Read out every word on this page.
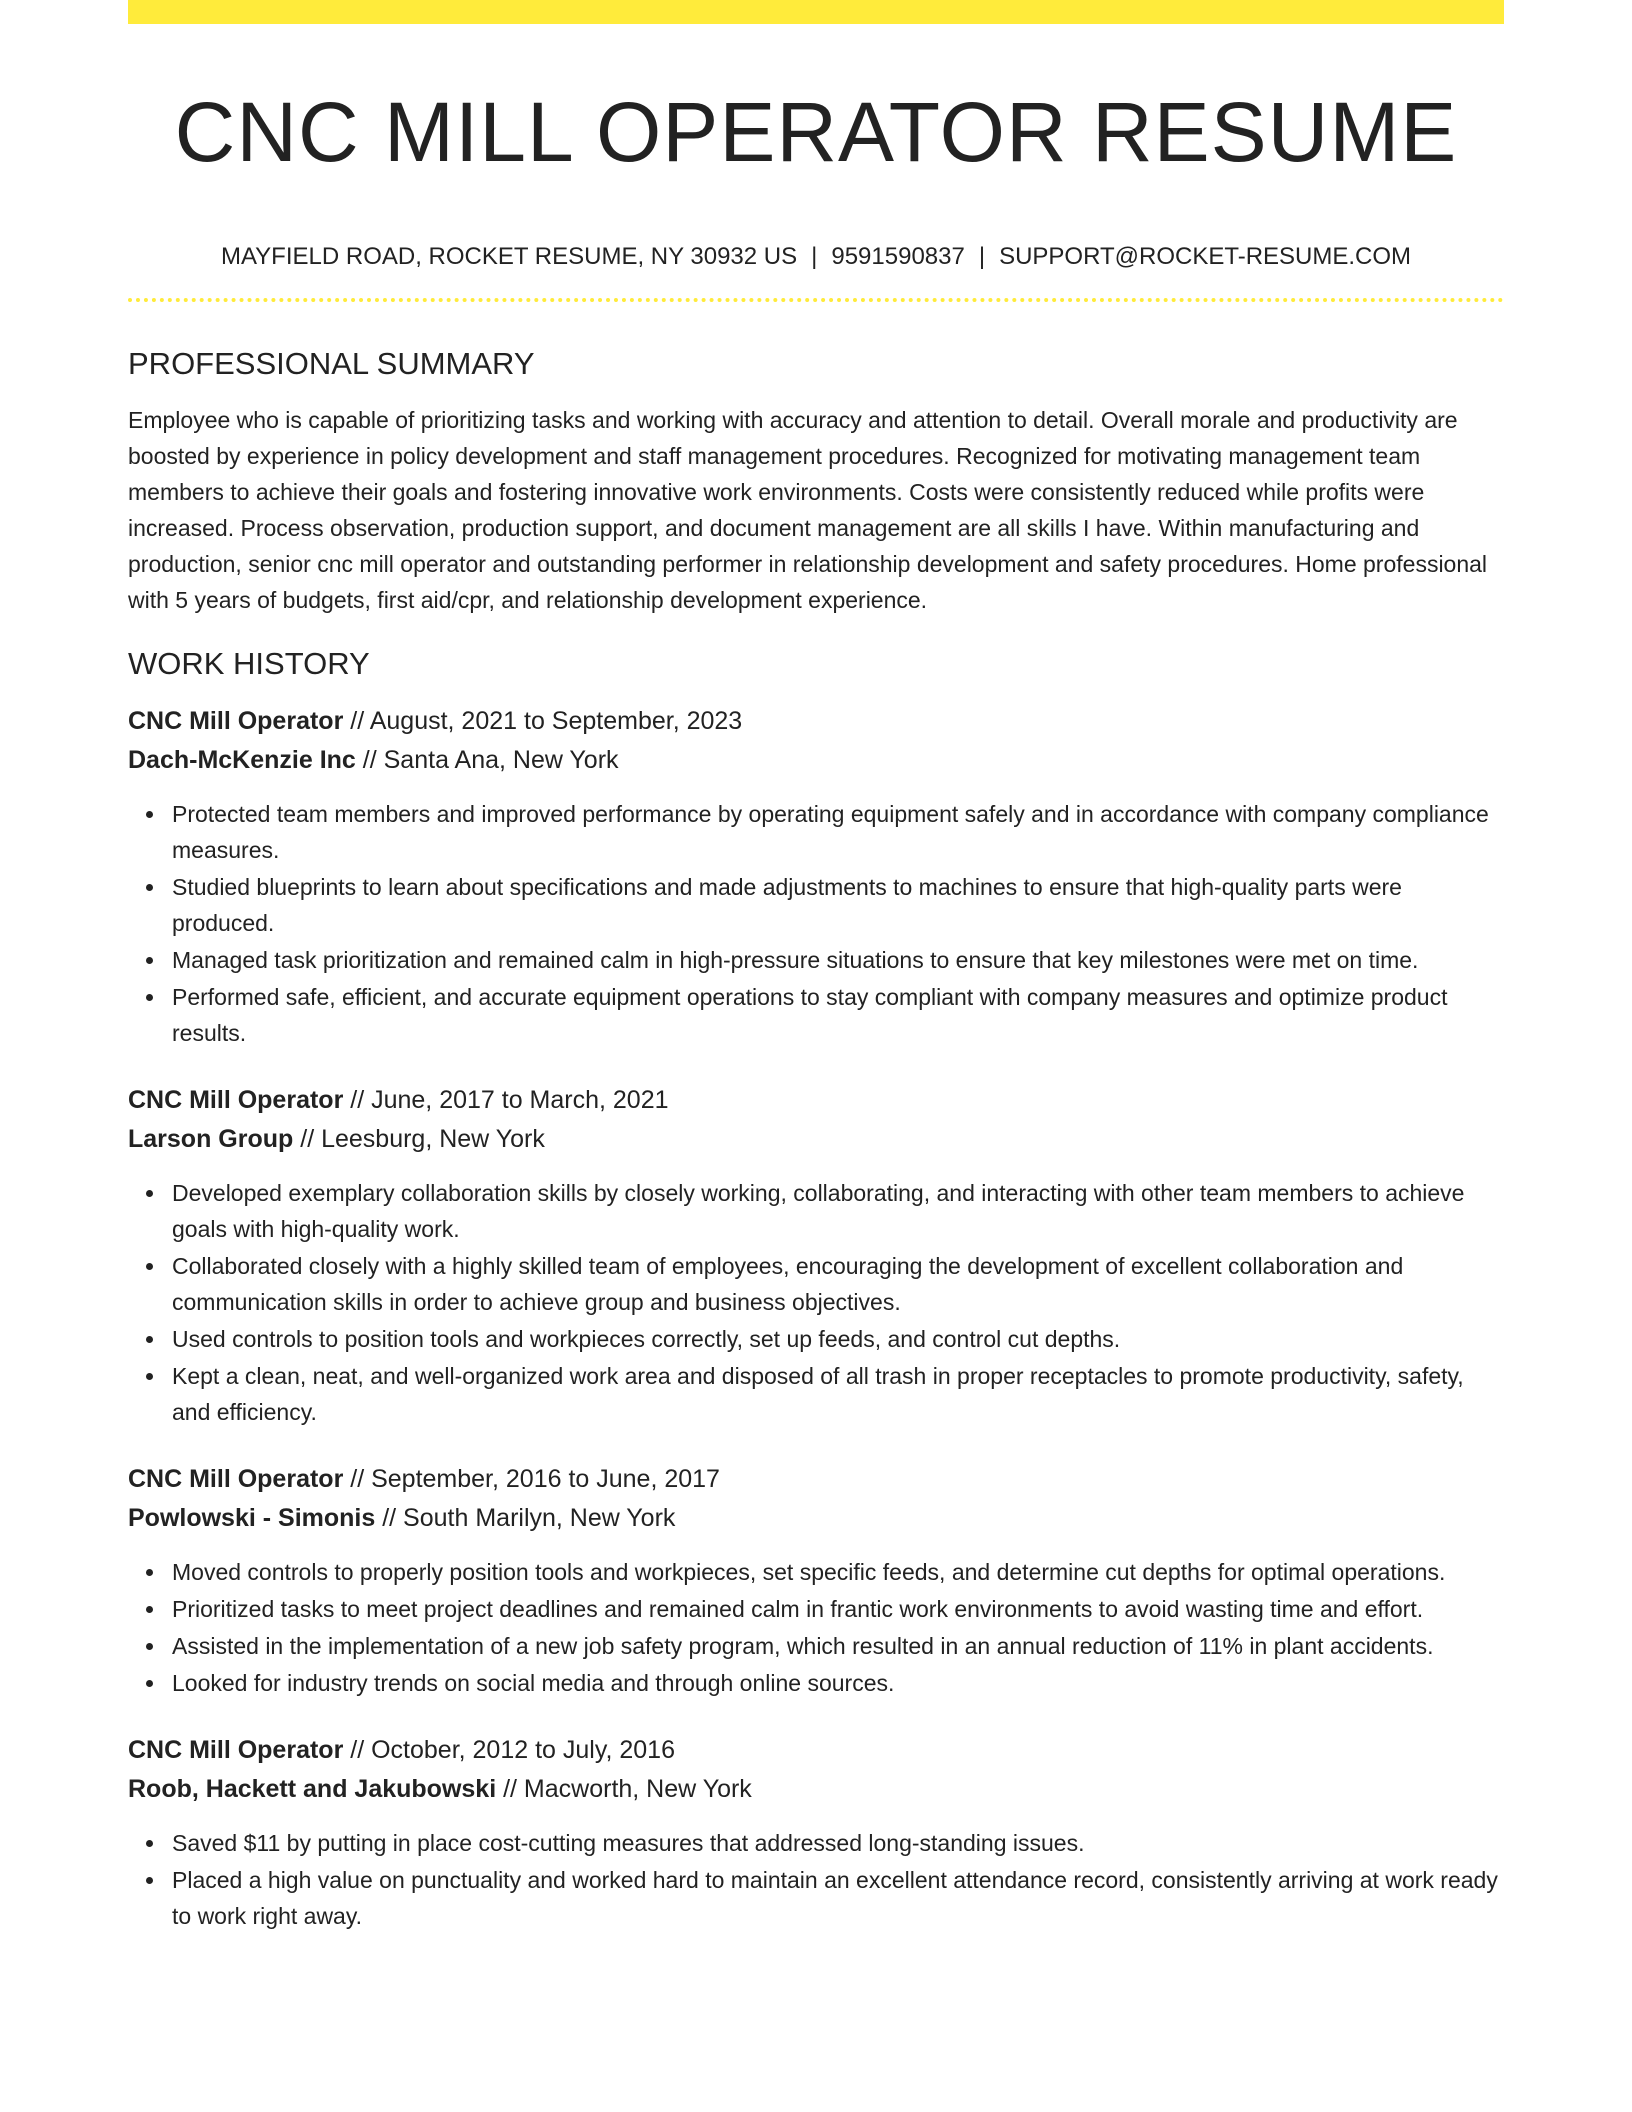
CNC MILL OPERATOR RESUME
MAYFIELD ROAD, ROCKET RESUME, NY 30932 US | 9591590837 | SUPPORT@ROCKET-RESUME.COM
PROFESSIONAL SUMMARY

Employee who is capable of prioritizing tasks and working with accuracy and attention to detail. Overall morale and productivity are boosted by experience in policy development and staff management procedures. Recognized for motivating management team members to achieve their goals and fostering innovative work environments. Costs were consistently reduced while profits were increased. Process observation, production support, and document management are all skills I have. Within manufacturing and production, senior cnc mill operator and outstanding performer in relationship development and safety procedures. Home professional with 5 years of budgets, first aid/cpr, and relationship development experience.

WORK HISTORY
CNC Mill Operator // August, 2021 to September, 2023
Dach-McKenzie Inc // Santa Ana, New York
Protected team members and improved performance by operating equipment safely and in accordance with company compliance measures.
Studied blueprints to learn about specifications and made adjustments to machines to ensure that high-quality parts were produced.
Managed task prioritization and remained calm in high-pressure situations to ensure that key milestones were met on time.
Performed safe, efficient, and accurate equipment operations to stay compliant with company measures and optimize product results.
CNC Mill Operator // June, 2017 to March, 2021
Larson Group // Leesburg, New York
Developed exemplary collaboration skills by closely working, collaborating, and interacting with other team members to achieve goals with high-quality work.
Collaborated closely with a highly skilled team of employees, encouraging the development of excellent collaboration and communication skills in order to achieve group and business objectives.
Used controls to position tools and workpieces correctly, set up feeds, and control cut depths.
Kept a clean, neat, and well-organized work area and disposed of all trash in proper receptacles to promote productivity, safety, and efficiency.
CNC Mill Operator // September, 2016 to June, 2017
Powlowski - Simonis // South Marilyn, New York
Moved controls to properly position tools and workpieces, set specific feeds, and determine cut depths for optimal operations.
Prioritized tasks to meet project deadlines and remained calm in frantic work environments to avoid wasting time and effort.
Assisted in the implementation of a new job safety program, which resulted in an annual reduction of 11% in plant accidents.
Looked for industry trends on social media and through online sources.
CNC Mill Operator // October, 2012 to July, 2016
Roob, Hackett and Jakubowski // Macworth, New York
Saved $11 by putting in place cost-cutting measures that addressed long-standing issues.
Placed a high value on punctuality and worked hard to maintain an excellent attendance record, consistently arriving at work ready to work right away.
